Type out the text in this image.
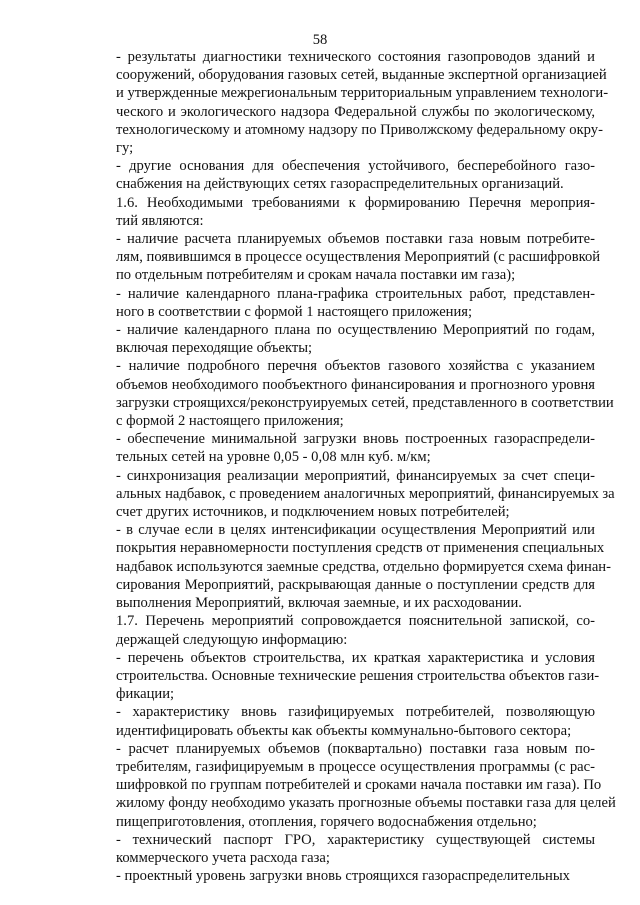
58
- результаты диагностики технического состояния газопроводов зданий и
сооружений, оборудования газовых сетей, выданные экспертной организацией
и утвержденные межрегиональным территориальным управлением технологи-
ческого и экологического надзора Федеральной службы по экологическому,
технологическому и атомному надзору по Приволжскому федеральному окру-
гу;
- другие основания для обеспечения устойчивого, бесперебойного газо-
снабжения на действующих сетях газораспределительных организаций.
1.6. Необходимыми требованиями к формированию Перечня мероприя-
тий являются:
- наличие расчета планируемых объемов поставки газа новым потребите-
лям, появившимся в процессе осуществления Мероприятий (с расшифровкой
по отдельным потребителям и срокам начала поставки им газа);
- наличие календарного плана-графика строительных работ, представлен-
ного в соответствии с формой 1 настоящего приложения;
- наличие календарного плана по осуществлению Мероприятий по годам,
включая переходящие объекты;
- наличие подробного перечня объектов газового хозяйства с указанием
объемов необходимого пообъектного финансирования и прогнозного уровня
загрузки строящихся/реконструируемых сетей, представленного в соответствии
с формой 2 настоящего приложения;
- обеспечение минимальной загрузки вновь построенных газораспредели-
тельных сетей на уровне 0,05 - 0,08 млн куб. м/км;
- синхронизация реализации мероприятий, финансируемых за счет специ-
альных надбавок, с проведением аналогичных мероприятий, финансируемых за
счет других источников, и подключением новых потребителей;
- в случае если в целях интенсификации осуществления Мероприятий или
покрытия неравномерности поступления средств от применения специальных
надбавок используются заемные средства, отдельно формируется схема финан-
сирования Мероприятий, раскрывающая данные о поступлении средств для
выполнения Мероприятий, включая заемные, и их расходовании.
1.7. Перечень мероприятий сопровождается пояснительной запиской, со-
держащей следующую информацию:
- перечень объектов строительства, их краткая характеристика и условия
строительства. Основные технические решения строительства объектов гази-
фикации;
- характеристику вновь газифицируемых потребителей, позволяющую
идентифицировать объекты как объекты коммунально-бытового сектора;
- расчет планируемых объемов (поквартально) поставки газа новым по-
требителям, газифицируемым в процессе осуществления программы (с рас-
шифровкой по группам потребителей и сроками начала поставки им газа). По
жилому фонду необходимо указать прогнозные объемы поставки газа для целей
пищеприготовления, отопления, горячего водоснабжения отдельно;
- технический паспорт ГРО, характеристику существующей системы
коммерческого учета расхода газа;
- проектный уровень загрузки вновь строящихся газораспределительных
